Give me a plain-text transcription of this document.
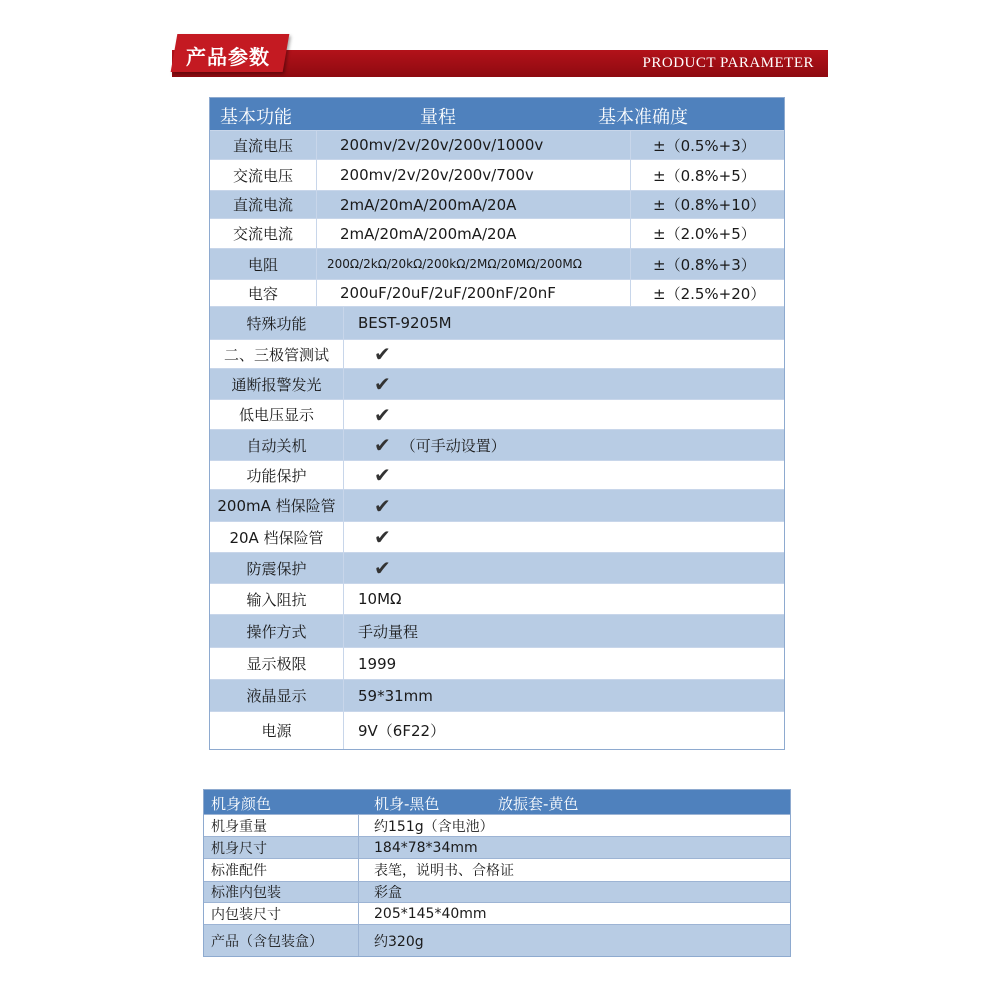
产品参数	PRODUCT PARAMETER
基本功能	量程	基本准确度
直流电压	200mv/2v/20v/200v/1000v	±（0.5%+3）
交流电压	200mv/2v/20v/200v/700v	±（0.8%+5）
直流电流	2mA/20mA/200mA/20A	±（0.8%+10）
交流电流	2mA/20mA/200mA/20A	±（2.0%+5）
电阻	200Ω/2kΩ/20kΩ/200kΩ/2MΩ/20MΩ/200MΩ	±（0.8%+3）
电容	200uF/20uF/2uF/200nF/20nF	±（2.5%+20）
特殊功能	BEST-9205M
二、三极管测试	✔
通断报警发光	✔
低电压显示	✔
自动关机	✔ （可手动设置）
功能保护	✔
200mA 档保险管	✔
20A 档保险管	✔
防震保护	✔
输入阻抗	10MΩ
操作方式	手动量程
显示极限	1999
液晶显示	59*31mm
电源	9V（6F22）
机身颜色	机身-黑色	放振套-黄色
机身重量	约151g（含电池）
机身尺寸	184*78*34mm
标准配件	表笔，说明书、合格证
标准内包装	彩盒
内包装尺寸	205*145*40mm
产品（含包装盒）	约320g
